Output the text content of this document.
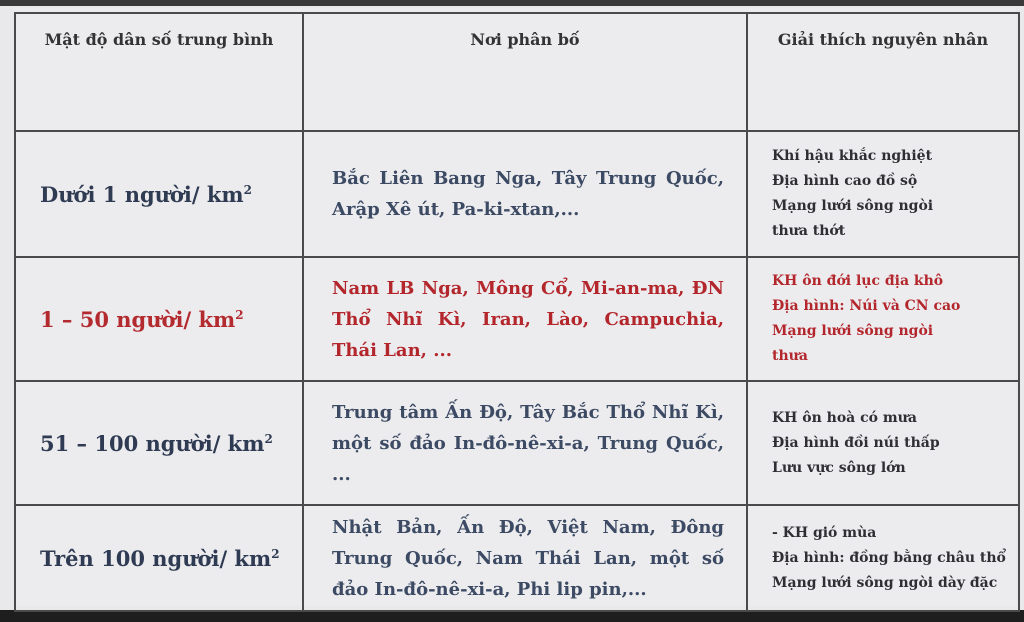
Mật độ dân số trung bình	Nơi phân bố	Giải thích nguyên nhân
Dưới 1 người/ $km^2$	Bắc Liên Bang Nga, Tây Trung Quốc, Arập Xê út, Pa-ki-xtan,...	Khí hậu khắc nghiệt
Địa hình cao đồ sộ
Mạng lưới sông ngòi
thưa thớt

1 – 50 người/ $km^2$	Nam LB Nga, Mông Cổ, Mi-an-ma, ĐN Thổ Nhĩ Kì, Iran, Lào, Campuchia, Thái Lan, ...	KH ôn đới lục địa khô
Địa hình: Núi và CN cao
Mạng lưới sông ngòi
thưa

51 – 100 người/ $km^2$	Trung tâm Ấn Độ, Tây Bắc Thổ Nhĩ Kì, một số đảo In-đô-nê-xi-a, Trung Quốc, ...	KH ôn hoà có mưa
Địa hình đồi núi thấp
Lưu vực sông lớn

Trên 100 người/ $km^2$	Nhật Bản, Ấn Độ, Việt Nam, Đông Trung Quốc, Nam Thái Lan, một số đảo In-đô-nê-xi-a, Phi lip pin,...	- KH gió mùa
Địa hình: đồng bằng châu thổ
Mạng lưới sông ngòi dày đặc
